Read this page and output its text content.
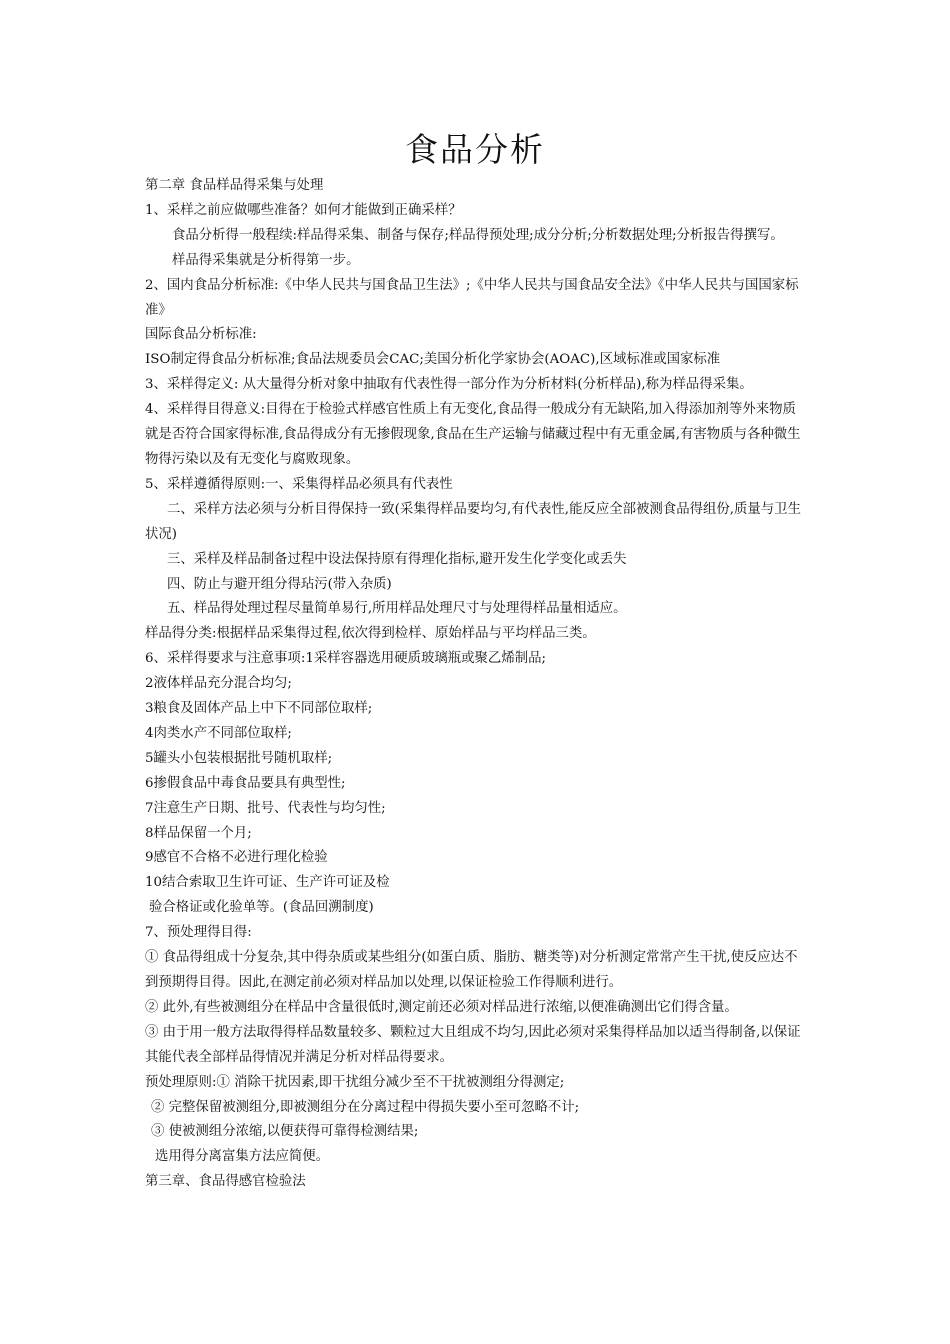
食品分析

第二章 食品样品得采集与处理

1、采样之前应做哪些准备？如何才能做到正确采样？

食品分析得一般程续:样品得采集、制备与保存;样品得预处理;成分分析;分析数据处理;分析报告得撰写。

样品得采集就是分析得第一步。

2、国内食品分析标准:《中华人民共与国食品卫生法》;《中华人民共与国食品安全法》《中华人民共与国国家标准》

国际食品分析标准:

ISO制定得食品分析标准;食品法规委员会CAC;美国分析化学家协会(AOAC),区域标准或国家标准

3、采样得定义: 从大量得分析对象中抽取有代表性得一部分作为分析材料(分析样品),称为样品得采集。

4、采样得目得意义:目得在于检验式样感官性质上有无变化,食品得一般成分有无缺陷,加入得添加剂等外来物质就是否符合国家得标准,食品得成分有无掺假现象,食品在生产运输与储藏过程中有无重金属,有害物质与各种微生物得污染以及有无变化与腐败现象。

5、采样遵循得原则:一、采集得样品必须具有代表性

二、采样方法必须与分析目得保持一致(采集得样品要均匀,有代表性,能反应全部被测食品得组份,质量与卫生状况)

三、采样及样品制备过程中设法保持原有得理化指标,避开发生化学变化或丢失

四、防止与避开组分得玷污(带入杂质)

五、样品得处理过程尽量简单易行,所用样品处理尺寸与处理得样品量相适应。

样品得分类:根据样品采集得过程,依次得到检样、原始样品与平均样品三类。

6、采样得要求与注意事项:1采样容器选用硬质玻璃瓶或聚乙烯制品;

2液体样品充分混合均匀;

3粮食及固体产品上中下不同部位取样;

4肉类水产不同部位取样;

5罐头小包装根据批号随机取样;

6掺假食品中毒食品要具有典型性;

7注意生产日期、批号、代表性与均匀性;

8样品保留一个月;

9感官不合格不必进行理化检验

10结合索取卫生许可证、生产许可证及检

验合格证或化验单等。(食品回溯制度)

7、预处理得目得:

① 食品得组成十分复杂,其中得杂质或某些组分(如蛋白质、脂肪、糖类等)对分析测定常常产生干扰,使反应达不到预期得目得。因此,在测定前必须对样品加以处理,以保证检验工作得顺利进行。

② 此外,有些被测组分在样品中含量很低时,测定前还必须对样品进行浓缩,以便准确测出它们得含量。

③ 由于用一般方法取得得样品数量较多、颗粒过大且组成不均匀,因此必须对采集得样品加以适当得制备,以保证其能代表全部样品得情况并满足分析对样品得要求。

预处理原则:① 消除干扰因素,即干扰组分减少至不干扰被测组分得测定;

② 完整保留被测组分,即被测组分在分离过程中得损失要小至可忽略不计;

③ 使被测组分浓缩,以便获得可靠得检测结果;

选用得分离富集方法应简便。

第三章、食品得感官检验法
